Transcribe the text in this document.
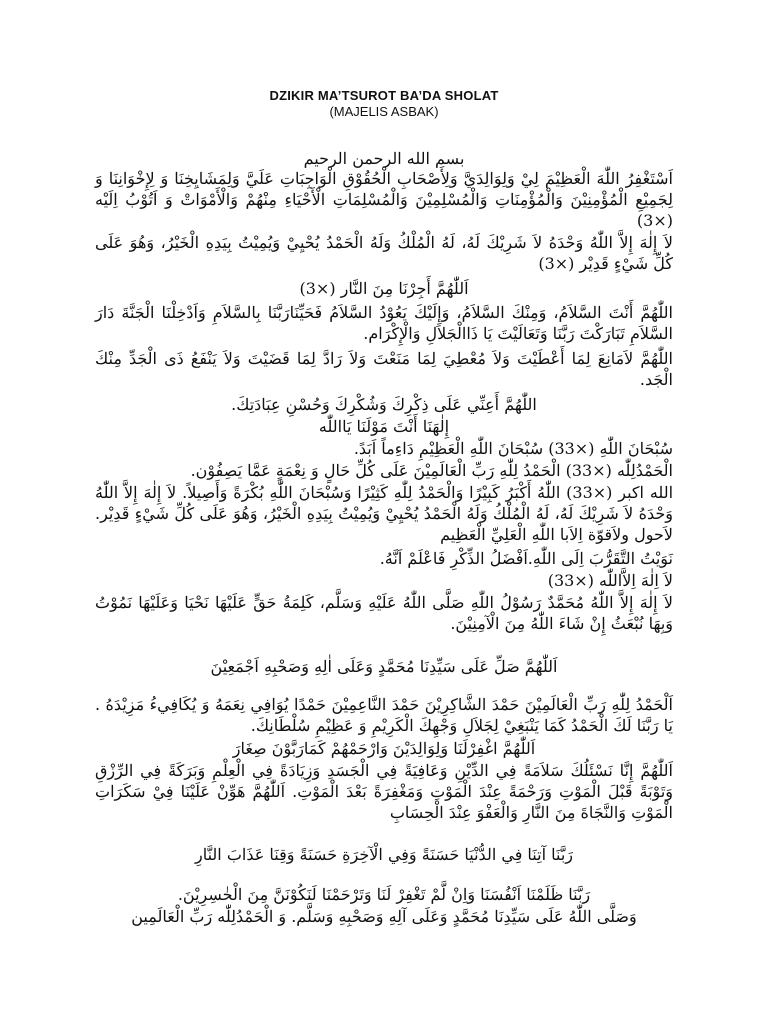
DZIKIR MA’TSUROT BA’DA SHOLAT
(MAJELIS ASBAK)
بسم الله الرحمن الرحيم
اَسْتَغْفِرُ اللّٰهَ الْعَظِيْمَ لِيْ وَلِوَالِدَيَّ وَلِأَصْحَابِ الْحُقُوْقِ الْوَاجِبَاتِ عَلَيَّ وَلِمَشَايِخِنَا وَ لِإِخْوَانِنَا وَ لِجَمِيْعِ الْمُؤْمِنِيْنَ وَالْمُؤْمِنَاتِ وَالْمُسْلِمِيْنَ وَالْمُسْلِمَاتِ الْأَحْيَاءِ مِنْهُمْ وَالْأَمْوَاتْ وَ اَتُوْبُ اِلَيْه (×3)
لاَ إِلٰهَ إِلاَّ اللّٰهُ وَحْدَهُ لاَ شَرِيْكَ لَهُ، لَهُ الْمُلْكُ وَلَهُ الْحَمْدُ يُحْيِيْ وَيُمِيْتُ بِيَدِهِ الْخَيْرُ، وَهُوَ عَلَى كُلِّ شَيْءٍ قَدِيْر (×3)
اَللّٰهُمَّ أَجِرْنَا مِنَ النَّار (×3)
اللّٰهُمَّ أَنْتَ السَّلاَمُ، وَمِنْكَ السَّلاَمُ، وَإِلَيْكَ يَعُوْدُ السَّلاَمُ فَحَيِّنَارَبَّنَا بِالسَّلاَمِ وَاَدْخِلْنَا الْجَنَّةَ دَارَ السَّلاَمِ تَبَارَكْتَ رَبَّنَا وَتَعَالَيْتَ يَا ذَاالْجَلاَلِ وَالْإِكْرَام.
اللّٰهُمَّ لاَمَانِعَ لِمَا أَعْطَيْتَ وَلاَ مُعْطِيَ لِمَا مَنَعْتَ وَلاَ رَادَّ لِمَا قَضَيْتَ وَلاَ يَنْفَعُ ذَى الْجَدِّ مِنْكَ الْجَد.
اللّٰهُمَّ أَعِنِّي عَلَى ذِكْرِكَ وَشُكْرِكَ وَحُسْنِ عِبَادَتِكَ.
إِلٰهَنَا أَنْتَ مَوْلَنَا يَااللّٰه
سُبْحَانَ اللّٰهِ (×33) سُبْحَانَ اللّٰهِ الْعَظِيْمِ دَاءِماً اَبَدً.
الْحَمْدُلِلّٰه (×33) الْحَمْدُ لِلّٰهِ رَبِّ الْعَالَمِيْنَ عَلَى كُلِّ حَالٍ وَ نِعْمَةٍ عَمَّا يَصِفُوْن.
الله اكبر (×33) اللّٰهُ أَكْبَرُ كَبِيْرًا وَالْحَمْدُ لِلّٰهِ كَثِيْرًا وَسُبْحَانَ اللّٰهِ بُكْرَةً وَأَصِيلاً. لاَ إِلٰهَ إِلاَّ اللّٰهُ وَحْدَهُ لاَ شَرِيْكَ لَهُ، لَهُ الْمُلْكُ وَلَهُ الْحَمْدُ يُحْيِيْ وَيُمِيْتُ بِيَدِهِ الْخَيْرُ، وَهُوَ عَلَى كُلِّ شَيْءٍ قَدِيْر. لاَحول ولاَقوّة اِلاَبا اللّٰهِ الْعَلِيِّ الْعَظِيم
نَوَيْتُ التَّقَرُّبَ اِلَى اللّٰهِ.اَفْضَلُ الذِّكْرِ فَاعْلَمْ اَنَّهُ.
لاَ اِلٰهَ اِلاَّاللّٰه (×33)
لاَ إِلٰهَ إِلاَّ اللّٰهُ مُحَمَّدٌ رَسُوْلُ اللّٰهِ صَلَّى اللّٰهُ عَلَيْهِ وَسَلَّم، كَلِمَةُ حَقٍّ عَلَيْهَا نَحْيَا وَعَلَيْهَا نَمُوْتُ وَبِهَا نُبْعَثُ إِنْ شَاءَ اللّٰهُ مِنَ الْآمِنِيْنَ.
اَللّٰهُمَّ صَلِّ عَلَى سَيِّدِنَا مُحَمَّدٍ وَعَلَى اٰلِهِ وَصَحْبِهِ اَجْمَعِيْنَ
اَلْحَمْدُ لِلّٰهِ رَبِّ الْعَالَمِيْنَ حَمْدَ الشَّاكِرِيْنَ حَمْدَ النَّاعِمِيْنَ حَمْدًا يُوَافِي نِعَمَهُ وَ يُكَافِيءُ مَزِيْدَهُ . يَا رَبَّنَا لَكَ الْحَمْدُ كَمَا يَنْبَغِيْ لِجَلاَلِ وَجْهِكَ الْكَرِيْمِ وَ عَظِيْمِ سُلْطَانِكَ.
اَللّٰهُمَّ اغْفِرْلَنَا وَلِوَالِدَيْنَ وَارْحَمْهُمْ كَمَارَبَّوْنَ صِغَارَ
اَللّٰهُمَّ إِنَّا نَسْئَلُكَ سَلاَمَةً فِي الدِّيْنِ وَعَافِيَةً فِي الْجَسَدِ وَزِيَادَةً فِي الْعِلْمِ وَبَرَكَةً فِي الرِّزْقِ وَتَوْبَةً قَبْلَ الْمَوْتِ وَرَحْمَةً عِنْدَ الْمَوْتِ وَمَغْفِرَةً بَعْدَ الْمَوْتِ. اَللّٰهُمَّ هَوِّنْ عَلَيْنَا فِيْ سَكَرَاتِ الْمَوْتِ وَالنَّجَاةَ مِنَ النَّارِ وَالْعَفْوَ عِنْدَ الْحِسَابِ
رَبَّنَا آتِنَا فِي الدُّنْيَا حَسَنَةً وَفِي الْآخِرَةِ حَسَنَةً وَقِنَا عَذَابَ النَّارِ
رَبَّنَا ظَلَمْنَا اَنْفُسَنَا وَاِنْ لَّمْ تَغْفِرْ لَنَا وَتَرْحَمْنَا لَنَكُوْنَنَّ مِنَ الْخٰسِرِيْنَ.
وَصَلَّى اللّٰهُ عَلَى سَيِّدِنَا مُحَمَّدٍ وَعَلَى آلِهِ وَصَحْبِهِ وَسَلَّم. وَ الْحَمْدُلِلّٰه رَبِّ الْعَالَمِين
